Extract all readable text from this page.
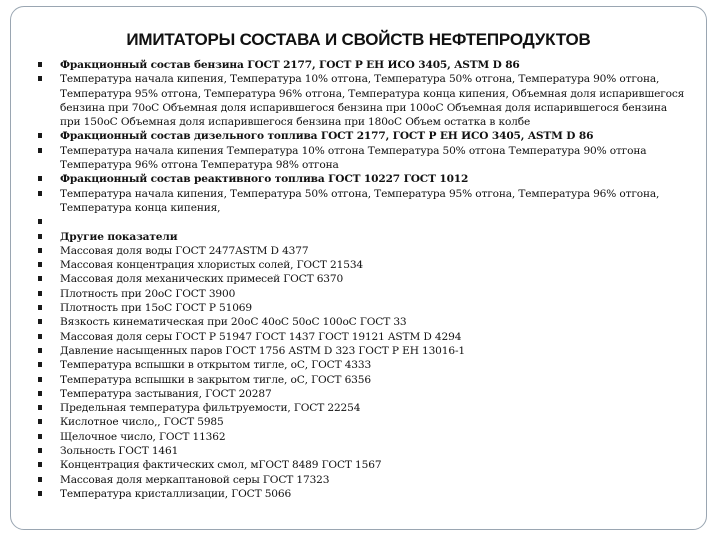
ИМИТАТОРЫ СОСТАВА И СВОЙСТВ НЕФТЕПРОДУКТОВ
Фракционный состав бензина ГОСТ 2177, ГОСТ Р ЕН ИСО 3405, ASTM D 86
Температура начала кипения, Температура 10% отгона, Температура 50% отгона, Температура 90% отгона,
Температура 95% отгона, Температура 96% отгона, Температура конца кипения, Объемная доля испарившегося
бензина при 70оС Объемная доля испарившегося бензина при 100оС Объемная доля испарившегося бензина
при 150оС Объемная доля испарившегося бензина при 180оС Объем остатка в колбе
Фракционный состав дизельного топлива ГОСТ 2177, ГОСТ Р ЕН ИСО 3405, ASTM D 86
Температура начала кипения Температура 10% отгона Температура 50% отгона Температура 90% отгона
Температура 96% отгона Температура 98% отгона
Фракционный состав реактивного топлива ГОСТ 10227 ГОСТ 1012
Температура начала кипения, Температура 50% отгона, Температура 95% отгона, Температура 96% отгона,
Температура конца кипения,

Другие показатели
Массовая доля воды ГОСТ 2477ASTM D 4377
Массовая концентрация хлористых солей, ГОСТ 21534
Массовая доля механических примесей ГОСТ 6370
Плотность при 20оС ГОСТ 3900
Плотность при 15оС ГОСТ Р 51069
Вязкость кинематическая при 20оС 40оС 50оС 100оС ГОСТ 33
Массовая доля серы ГОСТ Р 51947 ГОСТ 1437 ГОСТ 19121 ASTM D 4294
Давление насыщенных паров ГОСТ 1756 ASTM D 323 ГОСТ Р ЕН 13016-1
Температура вспышки в открытом тигле, оС, ГОСТ 4333
Температура вспышки в закрытом тигле, оС, ГОСТ 6356
Температура застывания, ГОСТ 20287
Предельная температура фильтруемости, ГОСТ 22254
Кислотное число,, ГОСТ 5985
Щелочное число, ГОСТ 11362
Зольность ГОСТ 1461
Концентрация фактических смол, мГОСТ 8489 ГОСТ 1567
Массовая доля меркаптановой серы ГОСТ 17323
Температура кристаллизации, ГОСТ 5066
